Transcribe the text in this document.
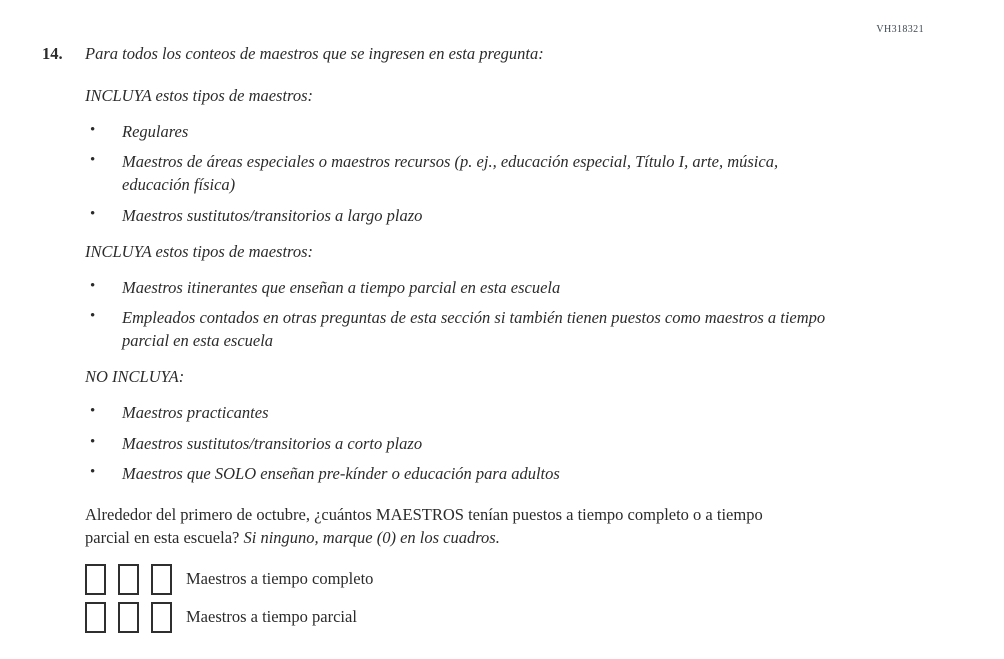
VH318321
14.	Para todos los conteos de maestros que se ingresen en esta pregunta:
INCLUYA estos tipos de maestros:
•	Regulares
•	Maestros de áreas especiales o maestros recursos (p. ej., educación especial, Título I, arte, música, educación física)
•	Maestros sustitutos/transitorios a largo plazo
INCLUYA estos tipos de maestros:
•	Maestros itinerantes que enseñan a tiempo parcial en esta escuela
•	Empleados contados en otras preguntas de esta sección si también tienen puestos como maestros a tiempo parcial en esta escuela
NO INCLUYA:
•	Maestros practicantes
•	Maestros sustitutos/transitorios a corto plazo
•	Maestros que SOLO enseñan pre-kínder o educación para adultos
Alrededor del primero de octubre, ¿cuántos MAESTROS tenían puestos a tiempo completo o a tiempo parcial en esta escuela? Si ninguno, marque (0) en los cuadros.
Maestros a tiempo completo
Maestros a tiempo parcial
